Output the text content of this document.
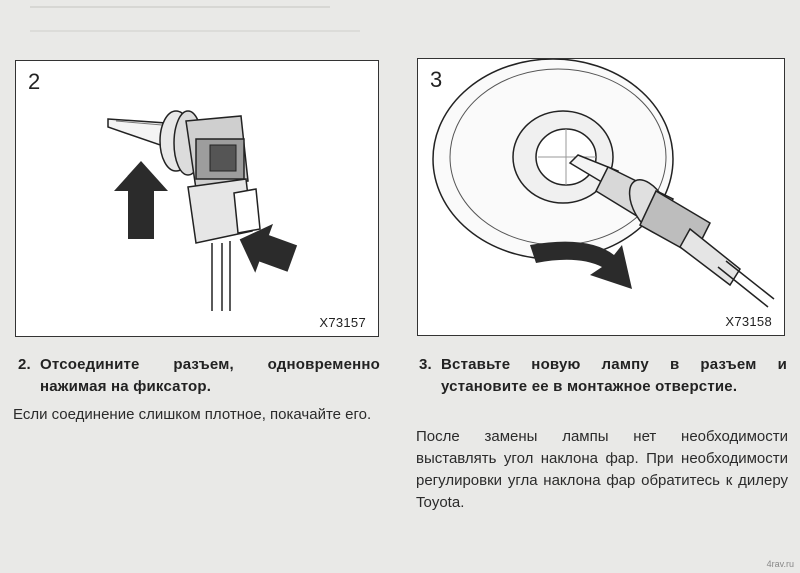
2
X73157
3
X73158
2. Отсоедините разъем, одновременно нажимая на фиксатор.
Если соединение слишком плотное, покачайте его.
3. Вставьте новую лампу в разъем и установите ее в монтажное отверстие.
После замены лампы нет необходимости выставлять угол наклона фар. При необходимости регулировки угла наклона фар обратитесь к дилеру Toyota.
4rav.ru
